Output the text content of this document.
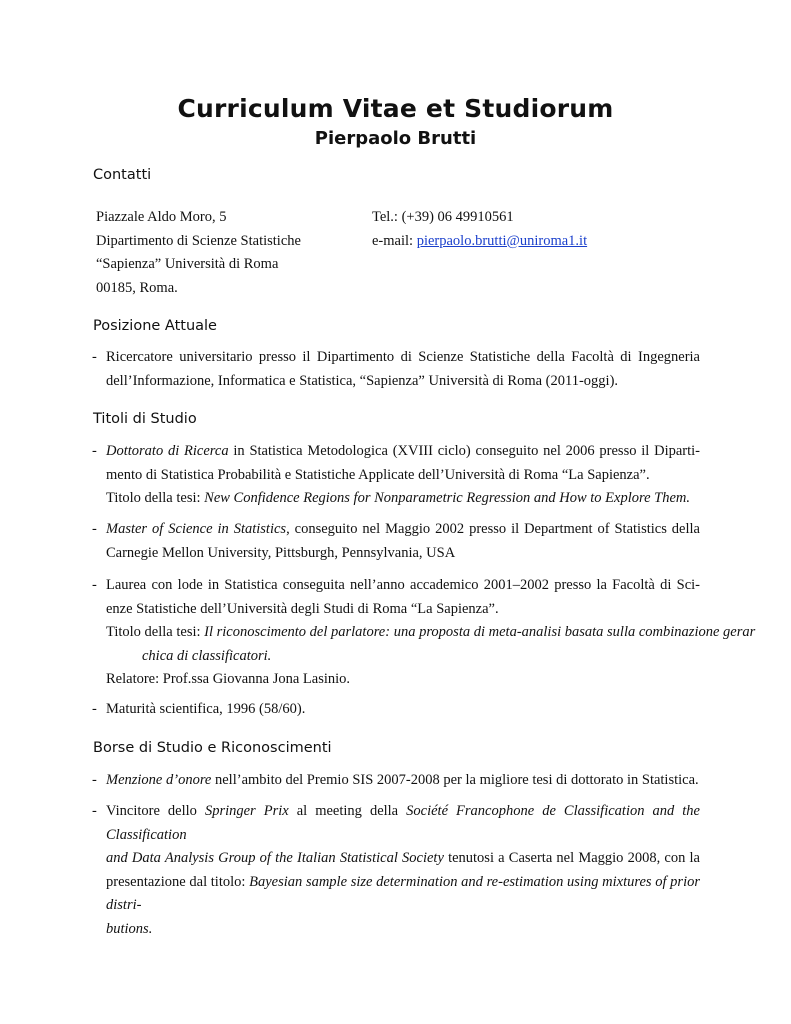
Curriculum Vitae et Studiorum
Pierpaolo Brutti
Contatti
Piazzale Aldo Moro, 5
Dipartimento di Scienze Statistiche
“Sapienza” Università di Roma
00185, Roma.
Tel.: (+39) 06 49910561
e-mail: pierpaolo.brutti@uniroma1.it
Posizione Attuale
- Ricercatore universitario presso il Dipartimento di Scienze Statistiche della Facoltà di Ingegneria
dell’Informazione, Informatica e Statistica, “Sapienza” Università di Roma (2011-oggi).
Titoli di Studio
- Dottorato di Ricerca in Statistica Metodologica (XVIII ciclo) conseguito nel 2006 presso il Diparti-
mento di Statistica Probabilità e Statistiche Applicate dell’Università di Roma “La Sapienza”.
Titolo della tesi: New Confidence Regions for Nonparametric Regression and How to Explore Them.
- Master of Science in Statistics, conseguito nel Maggio 2002 presso il Department of Statistics della
Carnegie Mellon University, Pittsburgh, Pennsylvania, USA
- Laurea con lode in Statistica conseguita nell’anno accademico 2001–2002 presso la Facoltà di Sci-
enze Statistiche dell’Università degli Studi di Roma “La Sapienza”.
Titolo della tesi: Il riconoscimento del parlatore: una proposta di meta-analisi basata sulla combinazione gerar
chica di classificatori.
Relatore: Prof.ssa Giovanna Jona Lasinio.
- Maturità scientifica, 1996 (58/60).
Borse di Studio e Riconoscimenti
- Menzione d’onore nell’ambito del Premio SIS 2007-2008 per la migliore tesi di dottorato in Statistica.
- Vincitore dello Springer Prix al meeting della Société Francophone de Classification and the Classification
and Data Analysis Group of the Italian Statistical Society tenutosi a Caserta nel Maggio 2008, con la
presentazione dal titolo: Bayesian sample size determination and re-estimation using mixtures of prior distri-
butions.
